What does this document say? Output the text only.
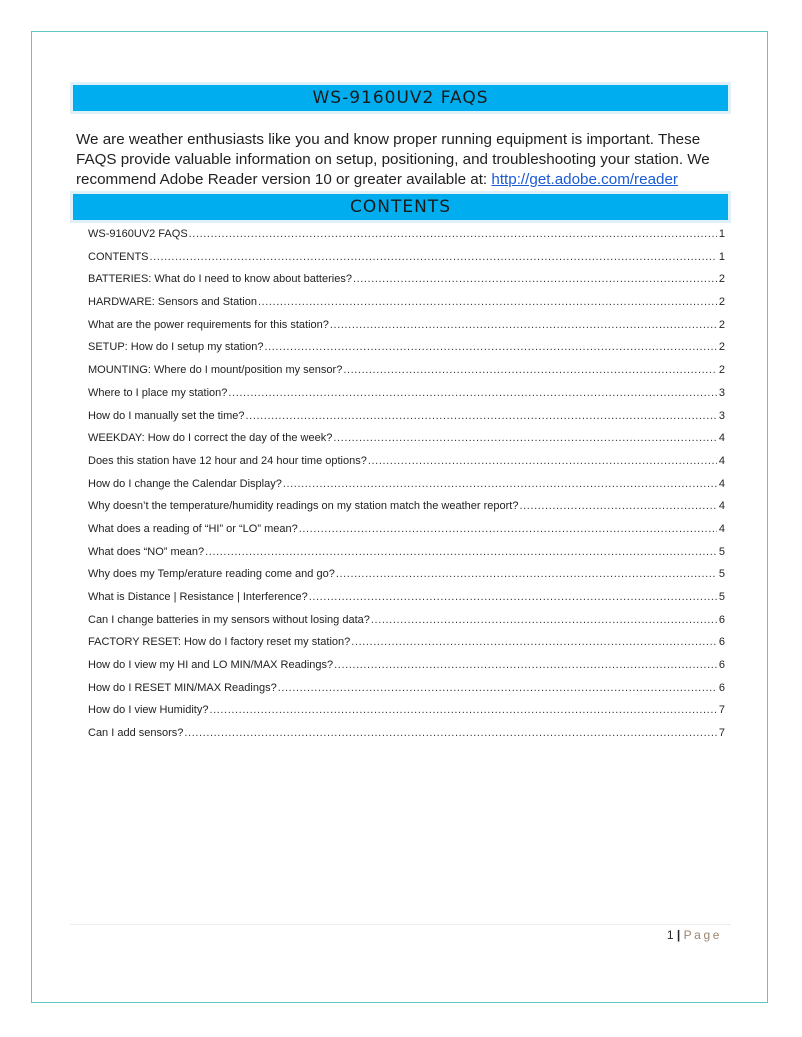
WS-9160UV2 FAQS

We are weather enthusiasts like you and know proper running equipment is important. These FAQS provide valuable information on setup, positioning, and troubleshooting your station. We recommend Adobe Reader version 10 or greater available at: http://get.adobe.com/reader

CONTENTS
WS-9160UV2 FAQS .....	1
CONTENTS .....	1
BATTERIES: What do I need to know about batteries? .....	2
HARDWARE: Sensors and Station .....	2
What are the power requirements for this station? .....	2
SETUP: How do I setup my station? .....	2
MOUNTING: Where do I mount/position my sensor? .....	2
Where to I place my station? .....	3
How do I manually set the time? .....	3
WEEKDAY: How do I correct the day of the week? .....	4
Does this station have 12 hour and 24 hour time options? .....	4
How do I change the Calendar Display? .....	4
Why doesn’t the temperature/humidity readings on my station match the weather report? .....	4
What does a reading of “HI” or “LO” mean? .....	4
What does “NO” mean? .....	5
Why does my Temp/erature reading come and go? .....	5
What is Distance | Resistance | Interference? .....	5
Can I change batteries in my sensors without losing data? .....	6
FACTORY RESET: How do I factory reset my station? .....	6
How do I view my HI and LO MIN/MAX Readings? .....	6
How do I RESET MIN/MAX Readings? .....	6
How do I view Humidity? .....	7
Can I add sensors? .....	7
1 | Page
